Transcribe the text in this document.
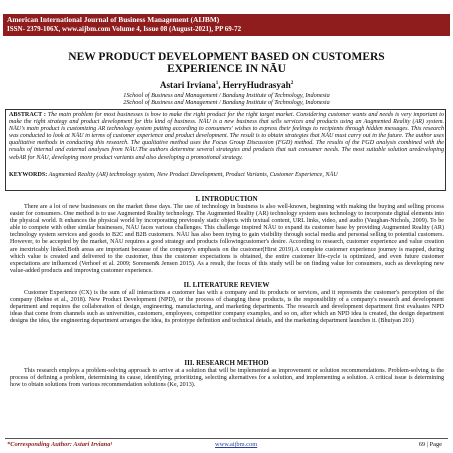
American International Journal of Business Management (AIJBM)
ISSN- 2379-106X, www.aijbm.com Volume 4, Issue 08 (August-2021), PP 69-72
NEW PRODUCT DEVELOPMENT BASED ON CUSTOMERS
EXPERIENCE IN NĀU
Astari Irviana$^1$, HerryHudrasyah$^2$
1School of Business and Management / Bandung Institute of Technology, Indonesia
2School of Business and Management / Bandung Institute of Technology, Indonesia
ABSTRACT : The main problem for most businesses is how to make the right product for the right target market. Considering customer wants and needs is very important to make the right strategy and product development for this kind of business. NĀU is a new business that sells services and products using an Augmented Reality (AR) system. NĀU's main product is customizing AR technology system putting according to consumers' wishes to express their feelings to recipients through hidden messages. This research was conducted to look at NĀU in terms of customer experience and product development. The result is to obtain strategies that NĀU must carry out in the future. The author uses qualitative methods in conducting this research. The qualitative method uses the Focus Group Discussion (FGD) method. The results of the FGD analysis combined with the results of internal and external analyses from NĀU.The authors determine several strategies and products that suit consumer needs. The most suitable solution aredeveloping webAR for NĀU, developing more product variants and also developing a promotional strategy.
KEYWORDS: Augmented Reality (AR) technology system, New Product Development, Product Variants, Customer Experience, NĀU
I. INTRODUCTION
There are a lot of new businesses on the market these days. The use of technology in business is also well-known, beginning with making the buying and selling process easier for consumers. One method is to use Augmented Reality technology. The Augmented Reality (AR) technology system uses technology to incorporate digital elements into the physical world. It enhances the physical world by incorporating previously static objects with textual content, URL links, video, and audio (Vaughan-Nichols, 2009). To be able to compete with other similar businesses, NĀU faces various challenges. This challenge inspired NĀU to expand its customer base by providing Augmented Reality (AR) technology system services and goods to B2C and B2B customers. NĀU has also been trying to gain visibility through social media and personal selling to potential customers. However, to be accepted by the market, NĀU requires a good strategy and products followingcustomer's desire. According to research, customer experience and value creation are inextricably linked.Both areas are important because of the company's emphasis on the customer(Hirst 2019).A complete customer experience journey is mapped, during which value is created and delivered to the customer, thus the customer expectations is obtained, the entire customer life-cycle is optimized, and even future customer expectations are influenced (Verhoef et al. 2009; Sorensen& Jensen 2015). As a result, the focus of this study will be on finding value for consumers, such as developing new value-added products and improving customer experience.
II. LITERATURE REVIEW
Customer Experience (CX) is the sum of all interactions a customer has with a company and its products or services, and it represents the customer's perception of the company (Behne et al., 2018). New Product Development (NPD), or the process of changing these products, is the responsibility of a company's research and development department and requires the collaboration of design, engineering, manufacturing, and marketing departments. The research and development department first evaluates NPD ideas that come from channels such as universities, customers, employees, competitor company examples, and so on, after which an NPD idea is created, the design department designs the idea, the engineering department arranges the idea, its prototype definition and technical details, and the marketing department launches it. (Bhuiyan 201)
III. RESEARCH METHOD
This research employs a problem-solving approach to arrive at a solution that will be implemented as improvement or solution recommendations. Problem-solving is the process of defining a problem, determining its cause, identifying, prioritizing, selecting alternatives for a solution, and implementing a solution. A critical issue is determining how to obtain solutions from various recommendation solutions (Ke, 2013).
*Corresponding Author: Astari Irviana¹	www.aijbm.com	69 | Page
